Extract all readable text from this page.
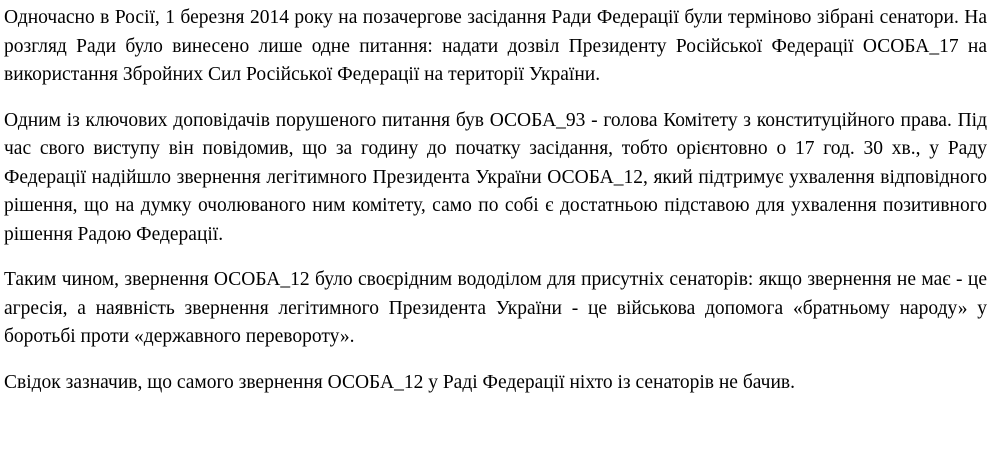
Одночасно в Росії, 1 березня 2014 року на позачергове засідання Ради Федерації були терміново зібрані сенатори. На розгляд Ради було винесено лише одне питання: надати дозвіл Президенту Російської Федерації ОСОБА_17 на використання Збройних Сил Російської Федерації на території України.

Одним із ключових доповідачів порушеного питання був ОСОБА_93 - голова Комітету з конституційного права. Під час свого виступу він повідомив, що за годину до початку засідання, тобто орієнтовно о 17 год. 30 хв., у Раду Федерації надійшло звернення легітимного Президента України ОСОБА_12, який підтримує ухвалення відповідного рішення, що на думку очолюваного ним комітету, само по собі є достатньою підставою для ухвалення позитивного рішення Радою Федерації.

Таким чином, звернення ОСОБА_12 було своєрідним вододілом для присутніх сенаторів: якщо звернення не має - це агресія, а наявність звернення легітимного Президента України - це військова допомога «братньому народу» у боротьбі проти «державного перевороту».

Свідок зазначив, що самого звернення ОСОБА_12 у Раді Федерації ніхто із сенаторів не бачив.
